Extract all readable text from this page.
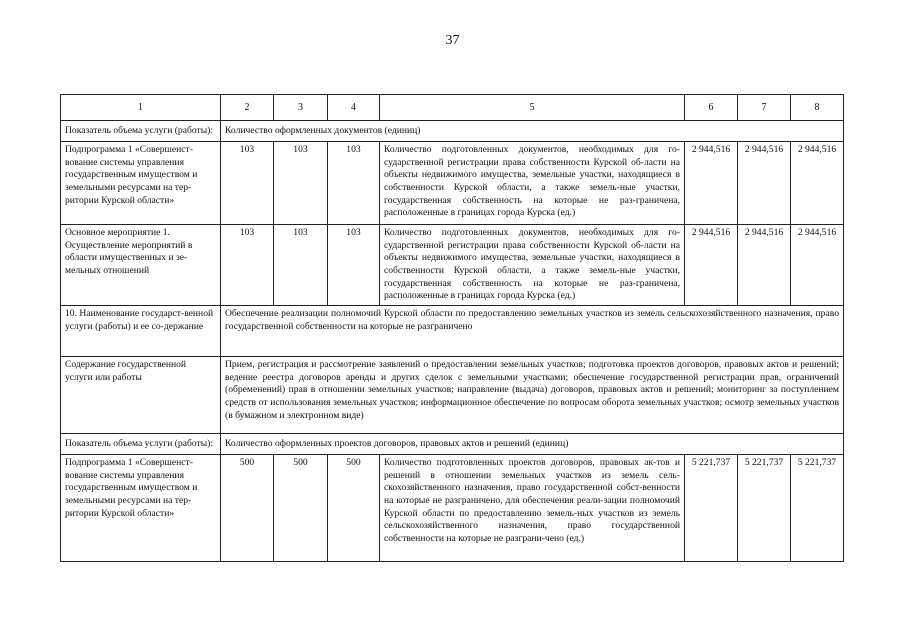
37
1	2	3	4	5	6	7	8
Показатель объема услуги (работы):	Количество оформленных документов (единиц)						
Подпрограмма 1 «Совершенст-вование системы управления государственным имуществом и земельными ресурсами на тер-ритории Курской области»	103	103	103	Количество подготовленных документов, необходимых для го-сударственной регистрации права собственности Курской об-ласти на объекты недвижимого имущества, земельные участки, находящиеся в собственности Курской области, а также земель-ные участки, государственная собственность на которые не раз-граничена, расположенные в границах города Курска (ед.)	2 944,516	2 944,516	2 944,516
Основное мероприятие 1. Осуществление мероприятий в области имущественных и зе-мельных отношений	103	103	103	Количество подготовленных документов, необходимых для го-сударственной регистрации права собственности Курской об-ласти на объекты недвижимого имущества, земельные участки, находящиеся в собственности Курской области, а также земель-ные участки, государственная собственность на которые не раз-граничена, расположенные в границах города Курска (ед.)	2 944,516	2 944,516	2 944,516
10. Наименование государст-венной услуги (работы) и ее со-держание	Обеспечение реализации полномочий Курской области по предоставлению земельных участков из земель сельскохозяйственного назначения, право государственной собственности на которые не разграничено						
Содержание государственной услуги или работы	Прием, регистрация и рассмотрение заявлений о предоставлении земельных участков; подготовка проектов договоров, правовых актов и решений; ведение реестра договоров аренды и других сделок с земельными участками; обеспечение государственной регистрации прав, ограничений (обременений) прав в отношении земельных участков; направление (выдача) договоров, правовых актов и решений; мониторинг за поступлением средств от использования земельных участков; информационное обеспечение по вопросам оборота земельных участков; осмотр земельных участков (в бумажном и электронном виде)						
Показатель объема услуги (работы):	Количество оформленных проектов договоров, правовых актов и решений (единиц)						
Подпрограмма 1 «Совершенст-вование системы управления государственным имуществом и земельными ресурсами на тер-ритории Курской области»	500	500	500	Количество подготовленных проектов договоров, правовых ак-тов и решений в отношении земельных участков из земель сель-скохозяйственного назначения, право государственной собст-венности на которые не разграничено, для обеспечения реали-зации полномочий Курской области по предоставлению земель-ных участков из земель сельскохозяйственного назначения, право государственной собственности на которые не разграни-чено (ед.)	5 221,737	5 221,737	5 221,737
